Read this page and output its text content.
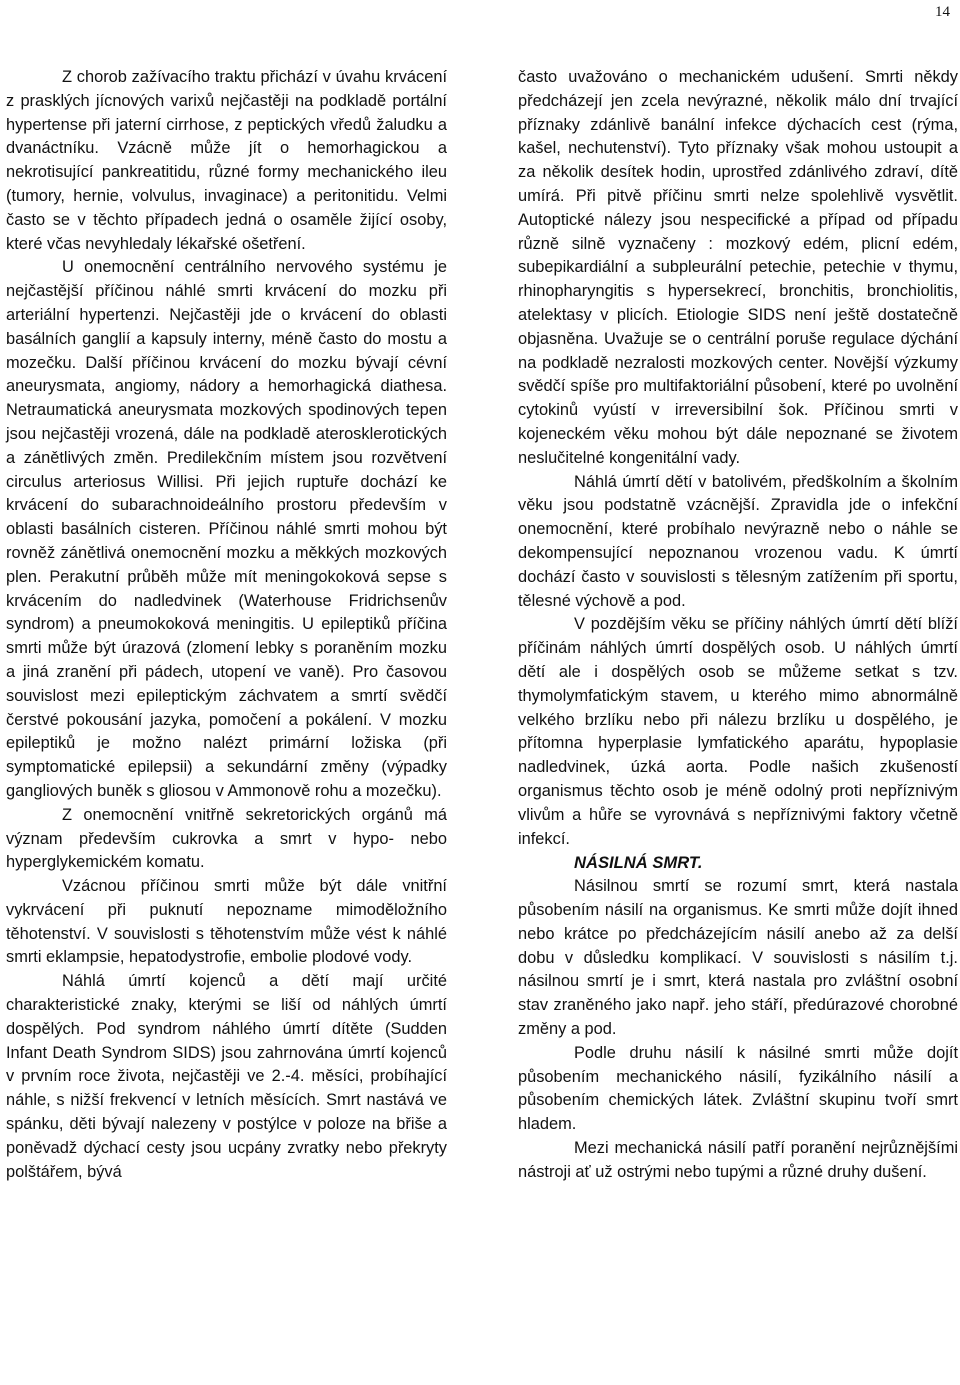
14

Z chorob zažívacího traktu přichází v úvahu krvácení z prasklých jícnových varixů nejčastěji na podkladě portální hypertense při jaterní cirrhose, z peptických vředů žaludku a dvanáctníku. Vzácně může jít o hemorhagickou a nekrotisující pankreatitidu, různé formy mechanického ileu (tumory, hernie, volvulus, invaginace) a peritonitidu. Velmi často se v těchto případech jedná o osaměle žijící osoby, které včas nevyhledaly lékařské ošetření.

U onemocnění centrálního nervového systému je nejčastější příčinou náhlé smrti krvácení do mozku při arteriální hypertenzi. Nejčastěji jde o krvácení do oblasti basálních ganglií a kapsuly interny, méně často do mostu a mozečku. Další příčinou krvácení do mozku bývají cévní aneurysmata, angiomy, nádory a hemorhagická diathesa. Netraumatická aneurysmata mozkových spodinových tepen jsou nejčastěji vrozená, dále na podkladě aterosklerotických a zánětlivých změn. Predilekčním místem jsou rozvětvení circulus arteriosus Willisi. Při jejich ruptuře dochází ke krvácení do subarachnoideálního prostoru především v oblasti basálních cisteren. Příčinou náhlé smrti mohou být rovněž zánětlivá onemocnění mozku a měkkých mozkových plen. Perakutní průběh může mít meningokoková sepse s krvácením do nadledvinek (Waterhouse Fridrichsenův syndrom) a pneumokoková meningitis. U epileptiků příčina smrti může být úrazová (zlomení lebky s poraněním mozku a jiná zranění při pádech, utopení ve vaně). Pro časovou souvislost mezi epileptickým záchvatem a smrtí svědčí čerstvé pokousání jazyka, pomočení a pokálení. V mozku epileptiků je možno nalézt primární ložiska (při symptomatické epilepsii) a sekundární změny (výpadky gangliových buněk s gliosou v Ammonově rohu a mozečku).

Z onemocnění vnitřně sekretorických orgánů má význam především cukrovka a smrt v hypo- nebo hyperglykemickém komatu.

Vzácnou příčinou smrti může být dále vnitřní vykrvácení při puknutí nepozname mimoděložního těhotenství. V souvislosti s těhotenstvím může vést k náhlé smrti eklampsie, hepatodystrofie, embolie plodové vody.

Náhlá úmrtí kojenců a dětí mají určité charakteristické znaky, kterými se liší od náhlých úmrtí dospělých. Pod syndrom náhlého úmrtí dítěte (Sudden Infant Death Syndrom SIDS) jsou zahrnována úmrtí kojenců v prvním roce života, nejčastěji ve 2.-4. měsíci, probíhající náhle, s nižší frekvencí v letních měsících. Smrt nastává ve spánku, děti bývají nalezeny v postýlce v poloze na břiše a poněvadž dýchací cesty jsou ucpány zvratky nebo překryty polštářem, bývá

často uvažováno o mechanickém udušení. Smrti někdy předcházejí jen zcela nevýrazné, několik málo dní trvající příznaky zdánlivě banální infekce dýchacích cest (rýma, kašel, nechutenství). Tyto příznaky však mohou ustoupit a za několik desítek hodin, uprostřed zdánlivého zdraví, dítě umírá. Při pitvě příčinu smrti nelze spolehlivě vysvětlit. Autoptické nálezy jsou nespecifické a případ od případu různě silně vyznačeny : mozkový edém, plicní edém, subepikardiální a subpleurální petechie, petechie v thymu, rhinopharyngitis s hypersekrecí, bronchitis, bronchiolitis, atelektasy v plicích. Etiologie SIDS není ještě dostatečně objasněna. Uvažuje se o centrální poruše regulace dýchání na podkladě nezralosti mozkových center. Novější výzkumy svědčí spíše pro multifaktoriální působení, které po uvolnění cytokinů vyústí v irreversibilní šok. Příčinou smrti v kojeneckém věku mohou být dále nepoznané se životem neslučitelné kongenitální vady.

Náhlá úmrtí dětí v batolivém, předškolním a školním věku jsou podstatně vzácnější. Zpravidla jde o infekční onemocnění, které probíhalo nevýrazně nebo o náhle se dekompensující nepoznanou vrozenou vadu. K úmrtí dochází často v souvislosti s tělesným zatížením při sportu, tělesné výchově a pod.

V pozdějším věku se příčiny náhlých úmrtí dětí blíží příčinám náhlých úmrtí dospělých osob. U náhlých úmrtí dětí ale i dospělých osob se můžeme setkat s tzv. thymolymfatickým stavem, u kterého mimo abnormálně velkého brzlíku nebo při nálezu brzlíku u dospělého, je přítomna hyperplasie lymfatického aparátu, hypoplasie nadledvinek, úzká aorta. Podle našich zkušeností organismus těchto osob je méně odolný proti nepříznivým vlivům a hůře se vyrovnává s nepříznivými faktory včetně infekcí.

NÁSILNÁ SMRT.

Násilnou smrtí se rozumí smrt, která nastala působením násilí na organismus. Ke smrti může dojít ihned nebo krátce po předcházejícím násilí anebo až za delší dobu v důsledku komplikací. V souvislosti s násilím t.j. násilnou smrtí je i smrt, která nastala pro zvláštní osobní stav zraněného jako např. jeho stáří, předúrazové chorobné změny a pod.

Podle druhu násilí k násilné smrti může dojít působením mechanického násilí, fyzikálního násilí a působením chemických látek. Zvláštní skupinu tvoří smrt hladem.

Mezi mechanická násilí patří poranění nejrůznějšími nástroji ať už ostrými nebo tupými a různé druhy dušení.
